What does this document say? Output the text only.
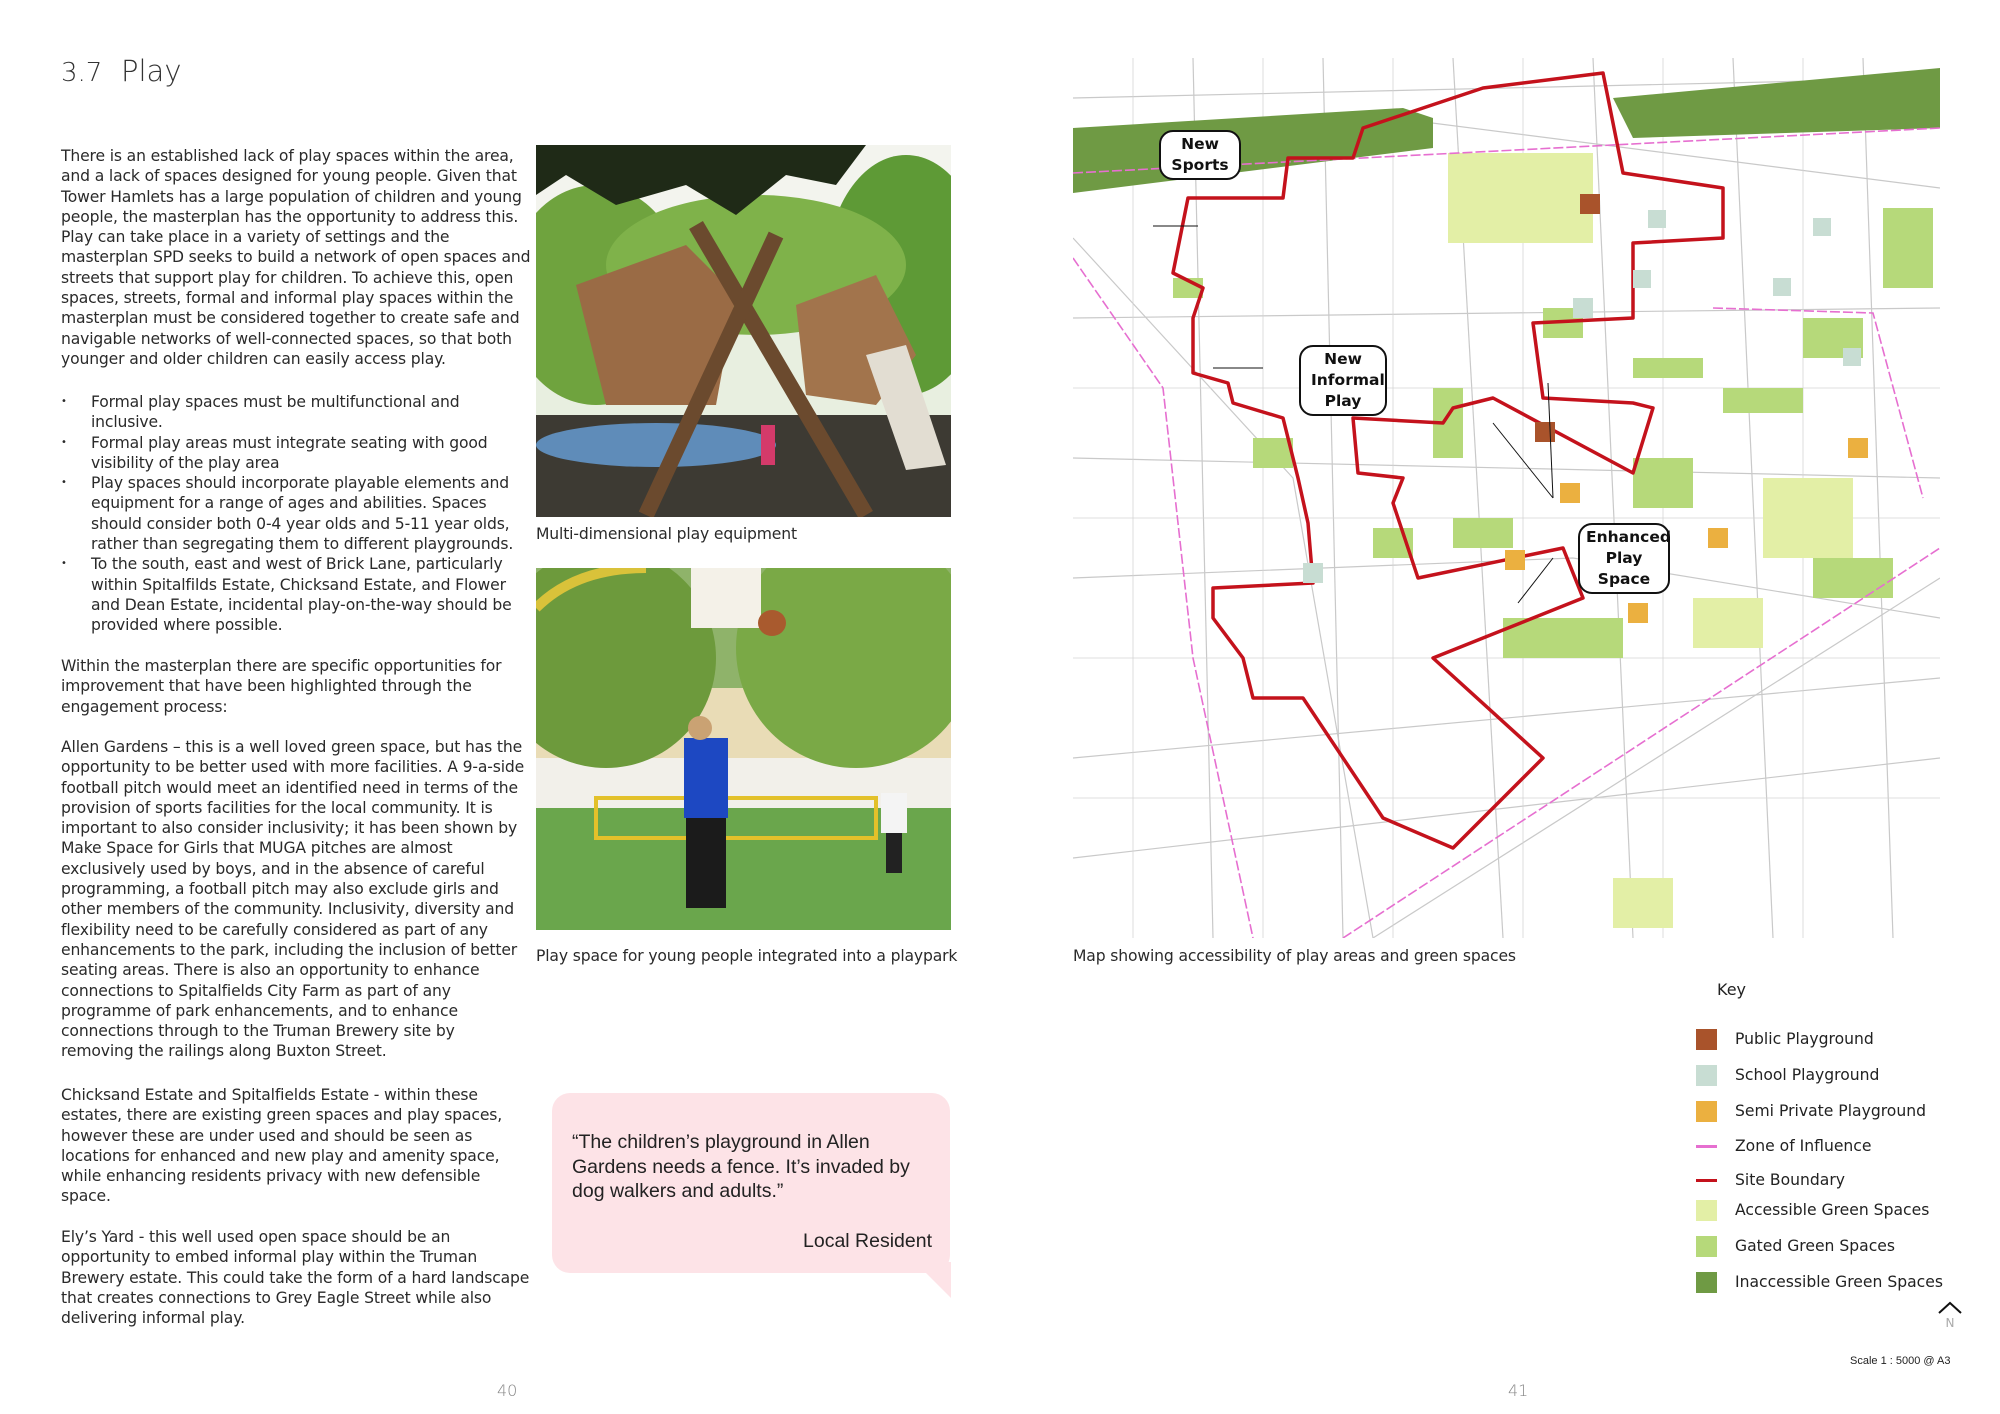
3.7 Play

There is an established lack of play spaces within the area, and a lack of spaces designed for young people. Given that Tower Hamlets has a large population of children and young people, the masterplan has the opportunity to address this. Play can take place in a variety of settings and the masterplan SPD seeks to build a network of open spaces and streets that support play for children. To achieve this, open spaces, streets, formal and informal play spaces within the masterplan must be considered together to create safe and navigable networks of well-connected spaces, so that both younger and older children can easily access play.

• Formal play spaces must be multifunctional and inclusive.
• Formal play areas must integrate seating with good visibility of the play area
• Play spaces should incorporate playable elements and equipment for a range of ages and abilities. Spaces should consider both 0-4 year olds and 5-11 year olds, rather than segregating them to different playgrounds.
• To the south, east and west of Brick Lane, particularly within Spitalfilds Estate, Chicksand Estate, and Flower and Dean Estate, incidental play-on-the-way should be provided where possible.

Within the masterplan there are specific opportunities for improvement that have been highlighted through the engagement process:

Allen Gardens – this is a well loved green space, but has the opportunity to be better used with more facilities. A 9-a-side football pitch would meet an identified need in terms of the provision of sports facilities for the local community. It is important to also consider inclusivity; it has been shown by Make Space for Girls that MUGA pitches are almost exclusively used by boys, and in the absence of careful programming, a football pitch may also exclude girls and other members of the community. Inclusivity, diversity and flexibility need to be carefully considered as part of any enhancements to the park, including the inclusion of better seating areas. There is also an opportunity to enhance connections to Spitalfields City Farm as part of any programme of park enhancements, and to enhance connections through to the Truman Brewery site by removing the railings along Buxton Street.

Chicksand Estate and Spitalfields Estate - within these estates, there are existing green spaces and play spaces, however these are under used and should be seen as locations for enhanced and new play and amenity space, while enhancing residents privacy with new defensible space.

Ely’s Yard - this well used open space should be an opportunity to embed informal play within the Truman Brewery estate. This could take the form of a hard landscape that creates connections to Grey Eagle Street while also delivering informal play.

Multi-dimensional play equipment
Play space for young people integrated into a playpark
“The children’s playground in Allen Gardens needs a fence. It’s invaded by dog walkers and adults.”
Local Resident
40
New
Sports
New
Informal
Play
Enhanced
Play Space
Map showing accessibility of play areas and green spaces
Key
Public Playground
School Playground
Semi Private Playground
Zone of Influence
Site Boundary
Accessible Green Spaces
Gated Green Spaces
Inaccessible Green Spaces
N
Scale 1 : 5000 @ A3
41
